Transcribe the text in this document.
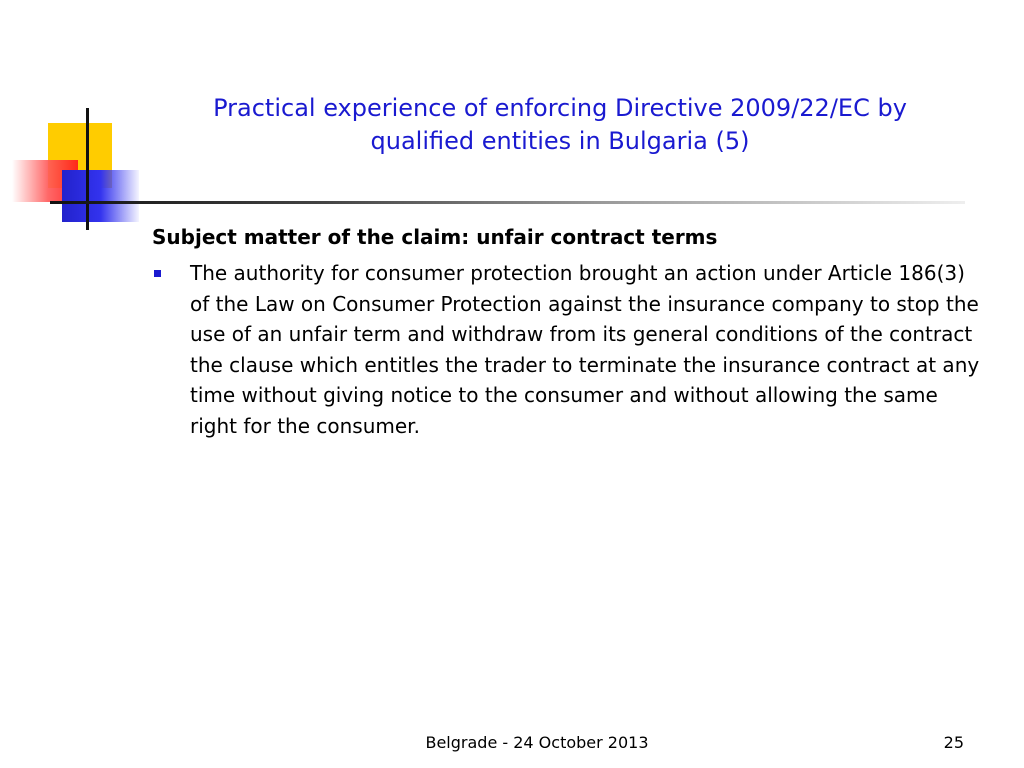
Practical experience of enforcing Directive 2009/22/EC by qualified entities in Bulgaria (5)

Subject matter of the claim: unfair contract terms

The authority for consumer protection brought an action under Article 186(3) of the Law on Consumer Protection against the insurance company to stop the use of an unfair term and withdraw from its general conditions of the contract the clause which entitles the trader to terminate the insurance contract at any time without giving notice to the consumer and without allowing the same right for the consumer.

Belgrade - 24 October 2013	25
